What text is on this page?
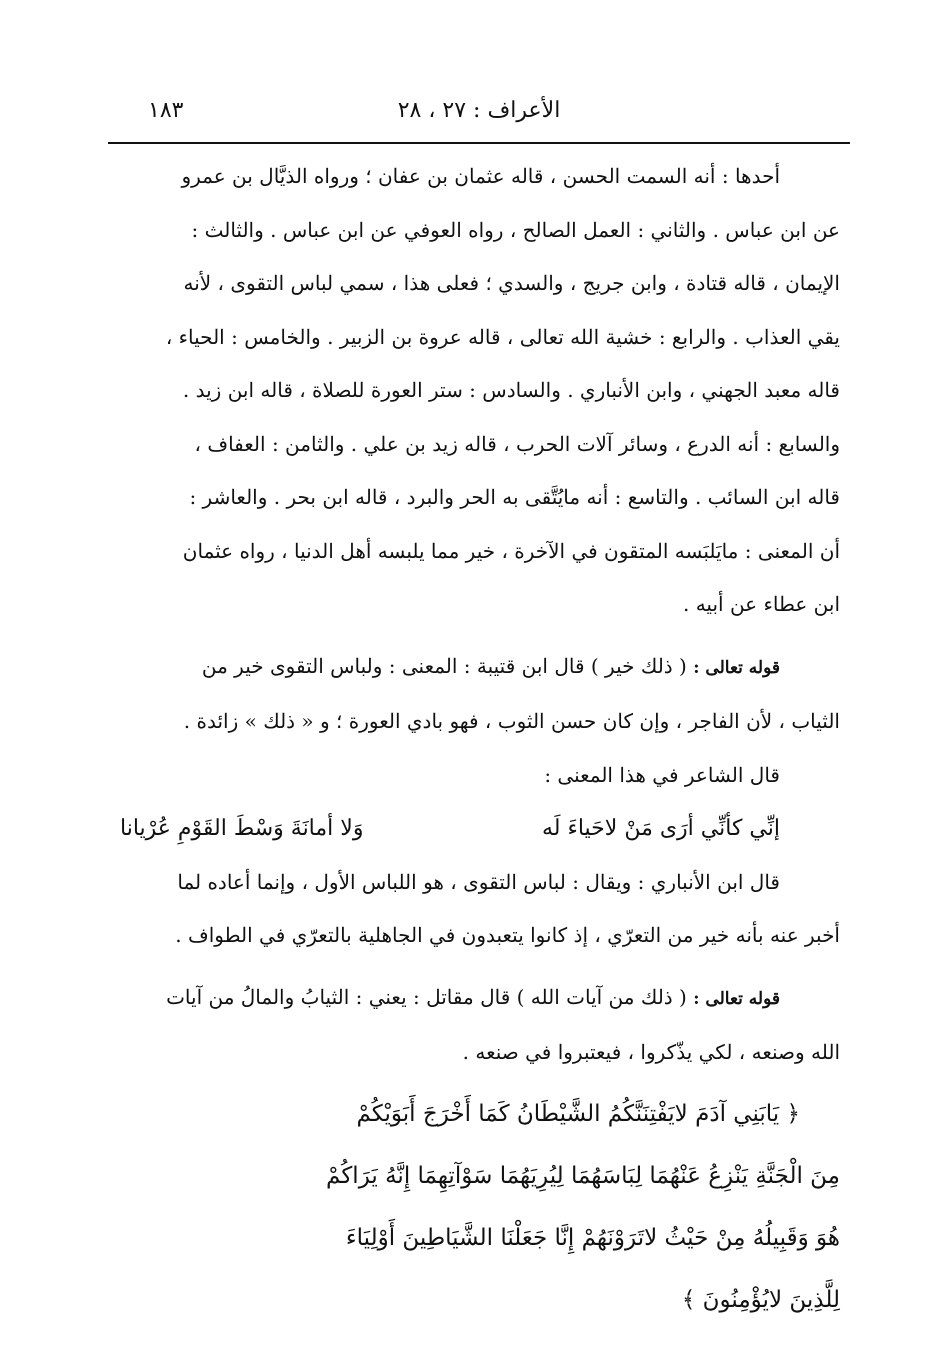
الأعراف : ٢٧ ، ٢٨
١٨٣

أحدها : أنه السمت الحسن ، قاله عثمان بن عفان ؛ ورواه الذيَّال بن عمرو

عن ابن عباس . والثاني : العمل الصالح ، رواه العوفي عن ابن عباس . والثالث :

الإيمان ، قاله قتادة ، وابن جريج ، والسدي ؛ فعلى هذا ، سمي لباس التقوى ، لأنه

يقي العذاب . والرابع : خشية الله تعالى ، قاله عروة بن الزبير . والخامس : الحياء ،

قاله معبد الجهني ، وابن الأنباري . والسادس : ستر العورة للصلاة ، قاله ابن زيد .

والسابع : أنه الدرع ، وسائر آلات الحرب ، قاله زيد بن علي . والثامن : العفاف ،

قاله ابن السائب . والتاسع : أنه مايُتَّقى به الحر والبرد ، قاله ابن بحر . والعاشر :

أن المعنى : مايَلبَسه المتقون في الآخرة ، خير مما يلبسه أهل الدنيا ، رواه عثمان

ابن عطاء عن أبيه .

قوله تعالى : ( ذلك خير ) قال ابن قتيبة : المعنى : ولباس التقوى خير من

الثياب ، لأن الفاجر ، وإن كان حسن الثوب ، فهو بادي العورة ؛ و « ذلك » زائدة .

قال الشاعر في هذا المعنى :

إنِّي كأنِّي أرَى مَنْ لاحَياءَ لَه
وَلا أمانَةَ وَسْطَ القَوْمِ عُرْيانا

قال ابن الأنباري : ويقال : لباس التقوى ، هو اللباس الأول ، وإنما أعاده لما

أخبر عنه بأنه خير من التعرّي ، إذ كانوا يتعبدون في الجاهلية بالتعرّي في الطواف .

قوله تعالى : ( ذلك من آيات الله ) قال مقاتل : يعني : الثيابُ والمالُ من آيات

الله وصنعه ، لكي يذّكروا ، فيعتبروا في صنعه .

﴿ يَابَنِي آدَمَ لايَفْتِنَنَّكُمُ الشَّيْطَانُ كَمَا أَخْرَجَ أَبَوَيْكُمْ

مِنَ الْجَنَّةِ يَنْزِعُ عَنْهُمَا لِبَاسَهُمَا لِيُرِيَهُمَا سَوْآتِهِمَا إِنَّهُ يَرَاكُمْ

هُوَ وَقَبِيلُهُ مِنْ حَيْثُ لاتَرَوْنَهُمْ إِنَّا جَعَلْنَا الشَّيَاطِينَ أَوْلِيَاءَ

لِلَّذِينَ لايُؤْمِنُونَ ﴾
